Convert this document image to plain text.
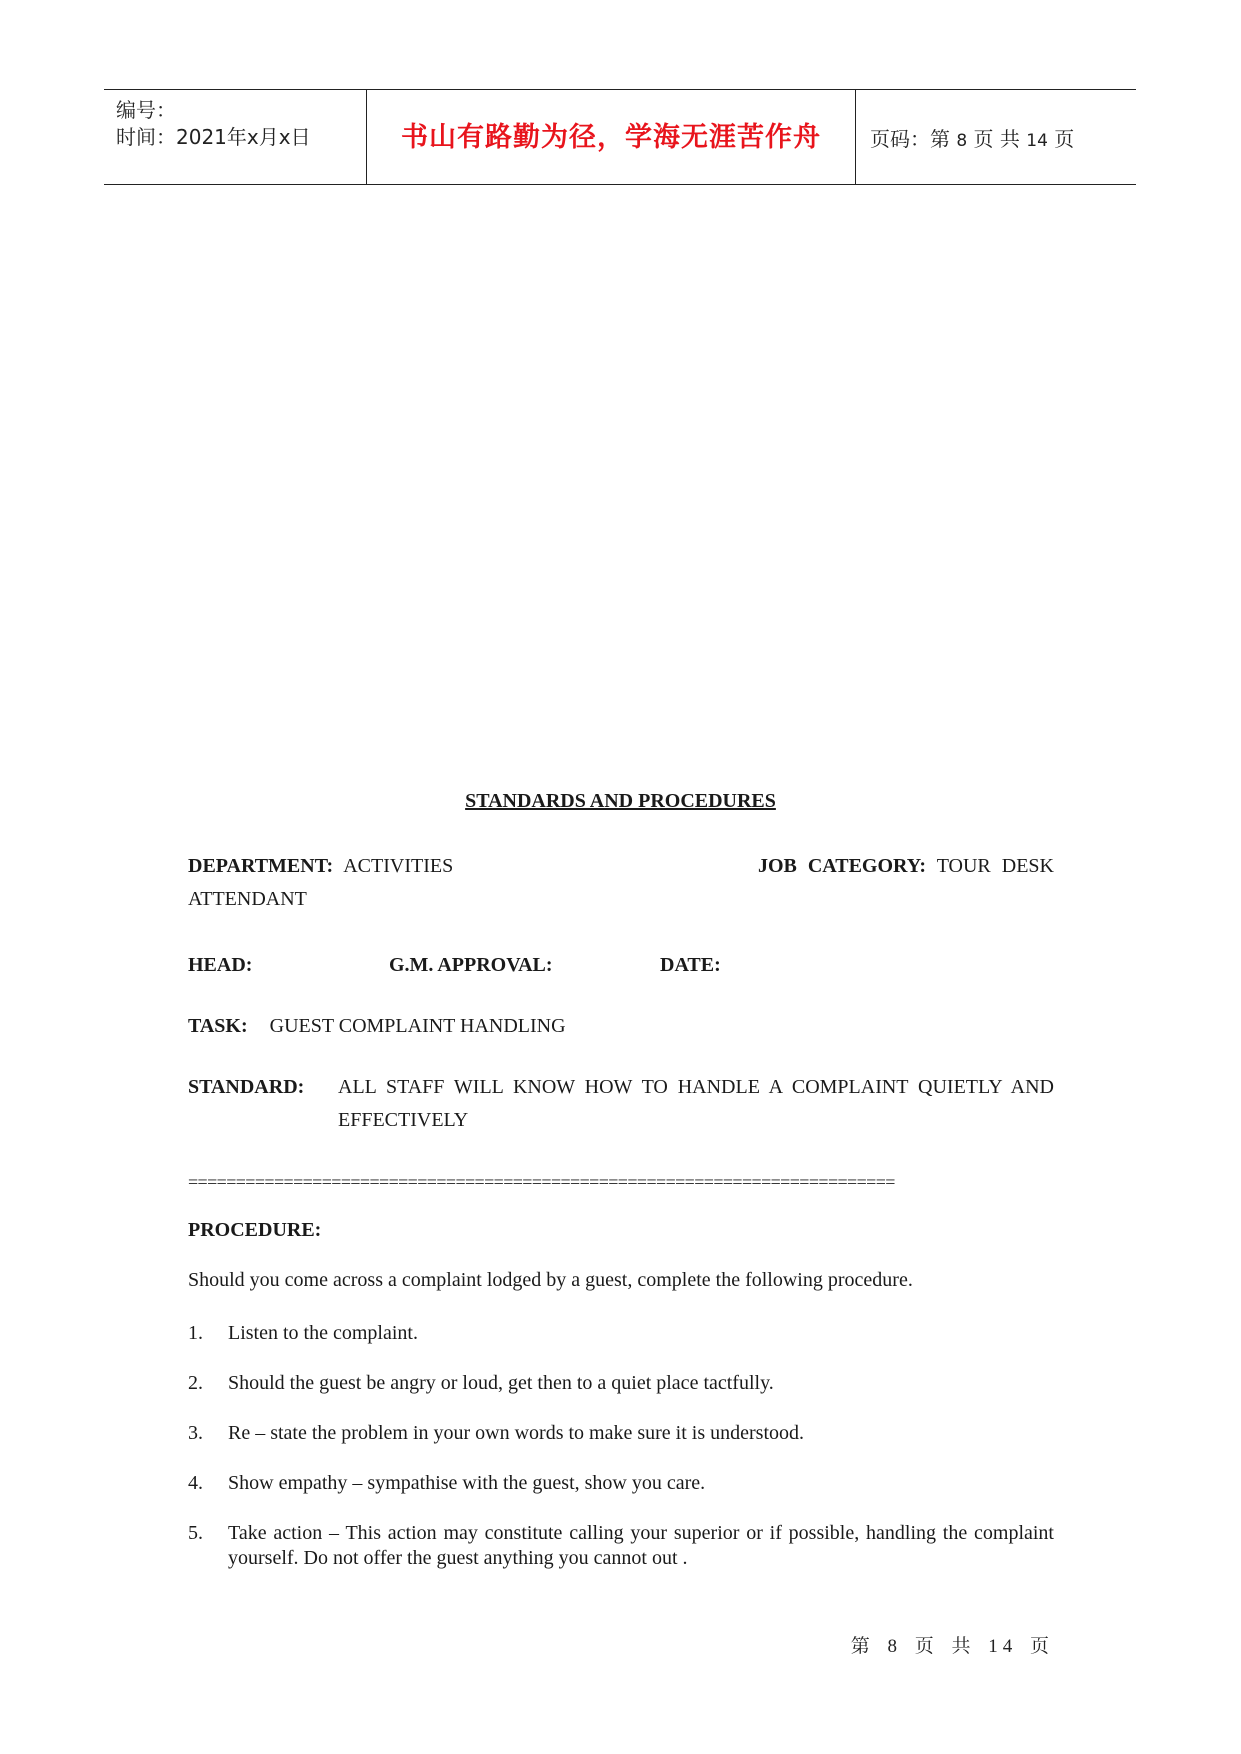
编号：
时间：2021年x月x日	书山有路勤为径，学海无涯苦作舟	页码：第 8 页 共 14 页
STANDARDS AND PROCEDURES
DEPARTMENT: ACTIVITIES	JOB CATEGORY: TOUR DESK
ATTENDANT
HEAD:	G.M. APPROVAL:	DATE:
TASK: GUEST COMPLAINT HANDLING
STANDARD: ALL STAFF WILL KNOW HOW TO HANDLE A COMPLAINT QUIETLY AND EFFECTIVELY
==========================================================================
PROCEDURE:
Should you come across a complaint lodged by a guest, complete the following procedure.
1. Listen to the complaint.
2. Should the guest be angry or loud, get then to a quiet place tactfully.
3. Re – state the problem in your own words to make sure it is understood.
4. Show empathy – sympathise with the guest, show you care.
5. Take action – This action may constitute calling your superior or if possible, handling the complaint yourself. Do not offer the guest anything you cannot out .
第 8 页 共 14 页
